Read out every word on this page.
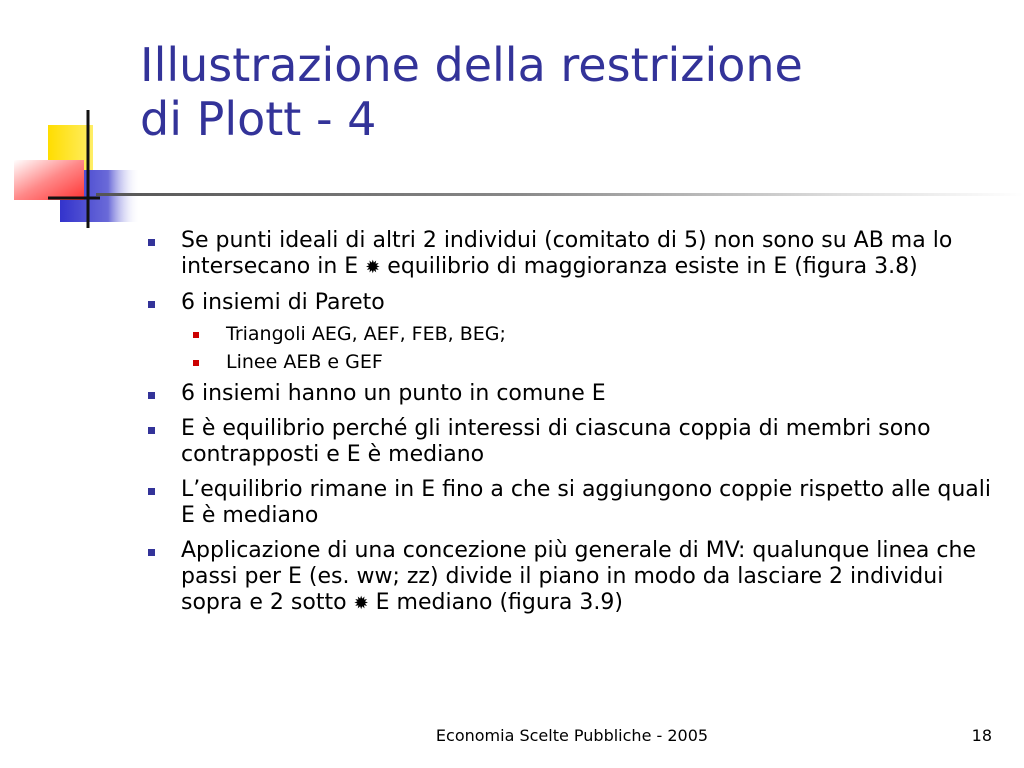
Illustrazione della restrizione
di Plott - 4
Se punti ideali di altri 2 individui (comitato di 5) non sono su AB ma lo intersecano in E ✹ equilibrio di maggioranza esiste in E (figura 3.8)
6 insiemi di Pareto
Triangoli AEG, AEF, FEB, BEG;
Linee AEB e GEF
6 insiemi hanno un punto in comune E
E è equilibrio perché gli interessi di ciascuna coppia di membri sono contrapposti e E è mediano
L’equilibrio rimane in E fino a che si aggiungono coppie rispetto alle quali E è mediano
Applicazione di una concezione più generale di MV: qualunque linea che passi per E (es. ww; zz) divide il piano in modo da lasciare 2 individui sopra e 2 sotto ✹ E mediano (figura 3.9)
Economia Scelte Pubbliche - 2005	18
